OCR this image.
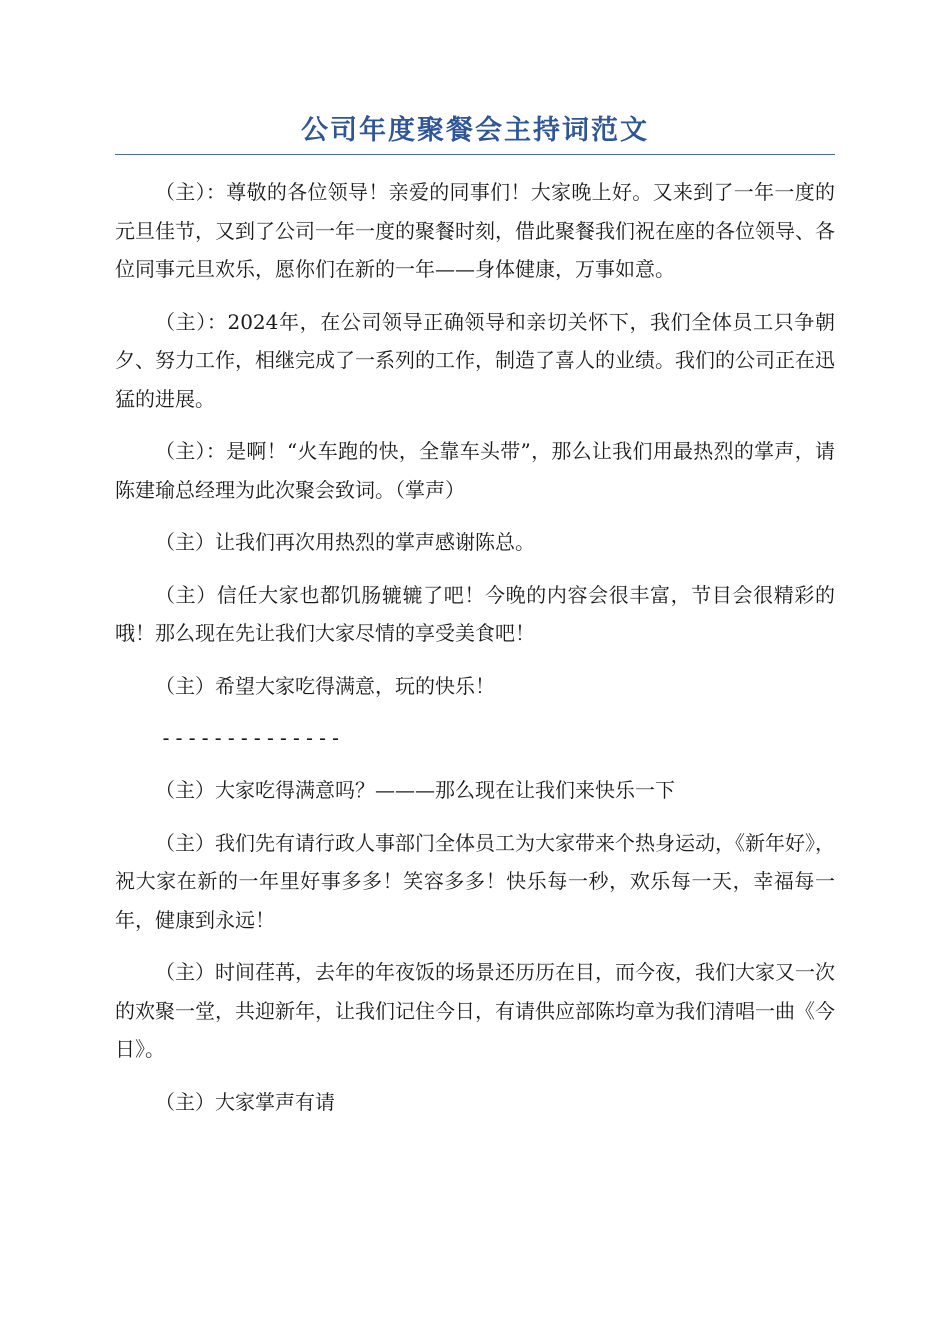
公司年度聚餐会主持词范文

（主）：尊敬的各位领导！亲爱的同事们！大家晚上好。又来到了一年一度的元旦佳节，又到了公司一年一度的聚餐时刻，借此聚餐我们祝在座的各位领导、各位同事元旦欢乐，愿你们在新的一年——身体健康，万事如意。

（主）：2024年，在公司领导正确领导和亲切关怀下，我们全体员工只争朝夕、努力工作，相继完成了一系列的工作，制造了喜人的业绩。我们的公司正在迅猛的进展。

（主）：是啊！“火车跑的快，全靠车头带”，那么让我们用最热烈的掌声，请陈建瑜总经理为此次聚会致词。（掌声）

（主）让我们再次用热烈的掌声感谢陈总。

（主）信任大家也都饥肠辘辘了吧！今晚的内容会很丰富，节目会很精彩的哦！那么现在先让我们大家尽情的享受美食吧！

（主）希望大家吃得满意，玩的快乐！

--------------

（主）大家吃得满意吗？———那么现在让我们来快乐一下

（主）我们先有请行政人事部门全体员工为大家带来个热身运动，《新年好》，祝大家在新的一年里好事多多！笑容多多！快乐每一秒，欢乐每一天，幸福每一年，健康到永远！

（主）时间荏苒，去年的年夜饭的场景还历历在目，而今夜，我们大家又一次的欢聚一堂，共迎新年，让我们记住今日，有请供应部陈均章为我们清唱一曲《今日》。

（主）大家掌声有请
